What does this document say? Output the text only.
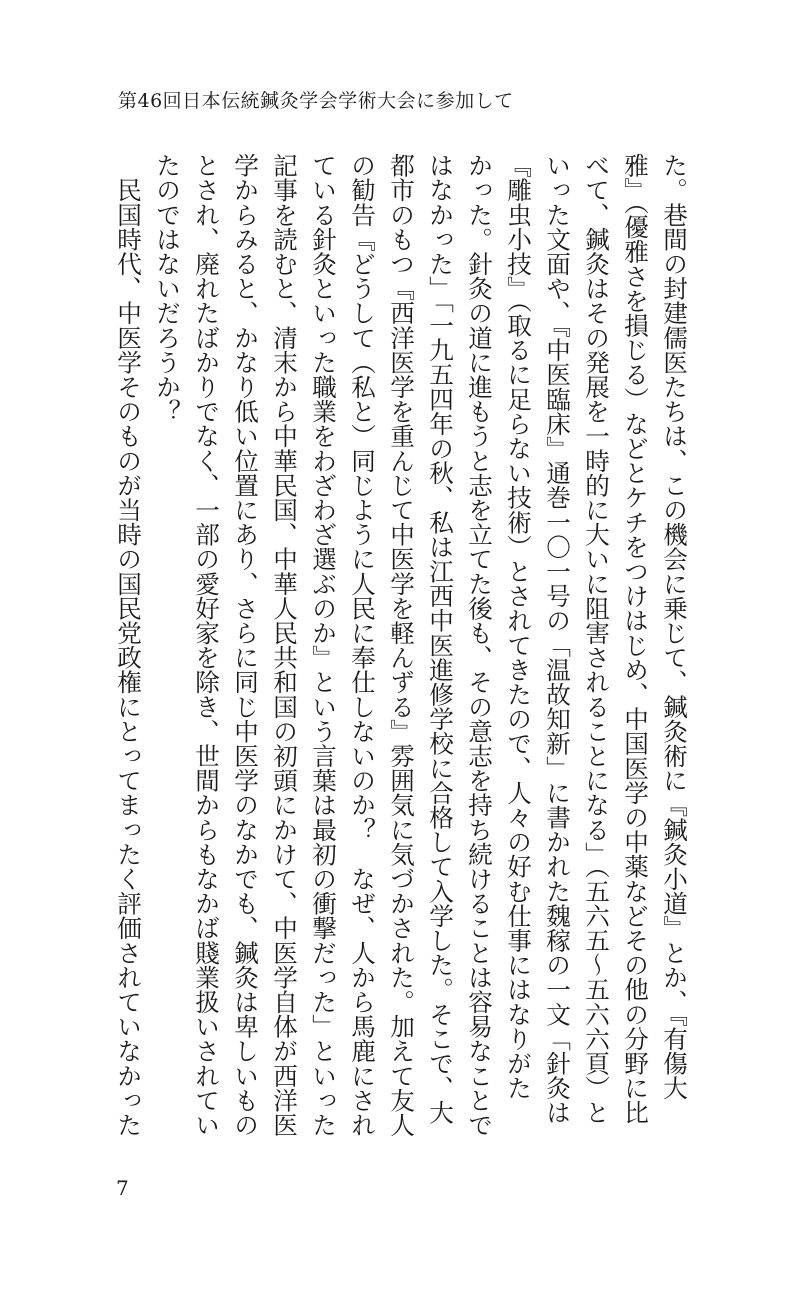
第46回日本伝統鍼灸学会学術大会に参加して
た。巷間の封建儒医たちは、この機会に乗じて、鍼灸術に『鍼灸小道』とか、『有傷大
雅』（優雅さを損じる）などとケチをつけはじめ、中国医学の中薬などその他の分野に比
べて、鍼灸はその発展を一時的に大いに阻害されることになる」（五六五～五六六頁）と
いった文面や、『中医臨床』通巻一〇一号の「温故知新」に書かれた魏稼の一文「針灸は
『雕虫小技』（取るに足らない技術）とされてきたので、人々の好む仕事にはなりがた
かった。針灸の道に進もうと志を立てた後も、その意志を持ち続けることは容易なことで
はなかった」「一九五四年の秋、私は江西中医進修学校に合格して入学した。そこで、大
都市のもつ『西洋医学を重んじて中医学を軽んずる』雰囲気に気づかされた。加えて友人
の勧告『どうして（私と）同じように人民に奉仕しないのか？　なぜ、人から馬鹿にされ
ている針灸といった職業をわざわざ選ぶのか』という言葉は最初の衝撃だった」といった
記事を読むと、清末から中華民国、中華人民共和国の初頭にかけて、中医学自体が西洋医
学からみると、かなり低い位置にあり、さらに同じ中医学のなかでも、鍼灸は卑しいもの
とされ、廃れたばかりでなく、一部の愛好家を除き、世間からもなかば賤業扱いされてい
たのではないだろうか？
　民国時代、中医学そのものが当時の国民党政権にとってまったく評価されていなかった
7
